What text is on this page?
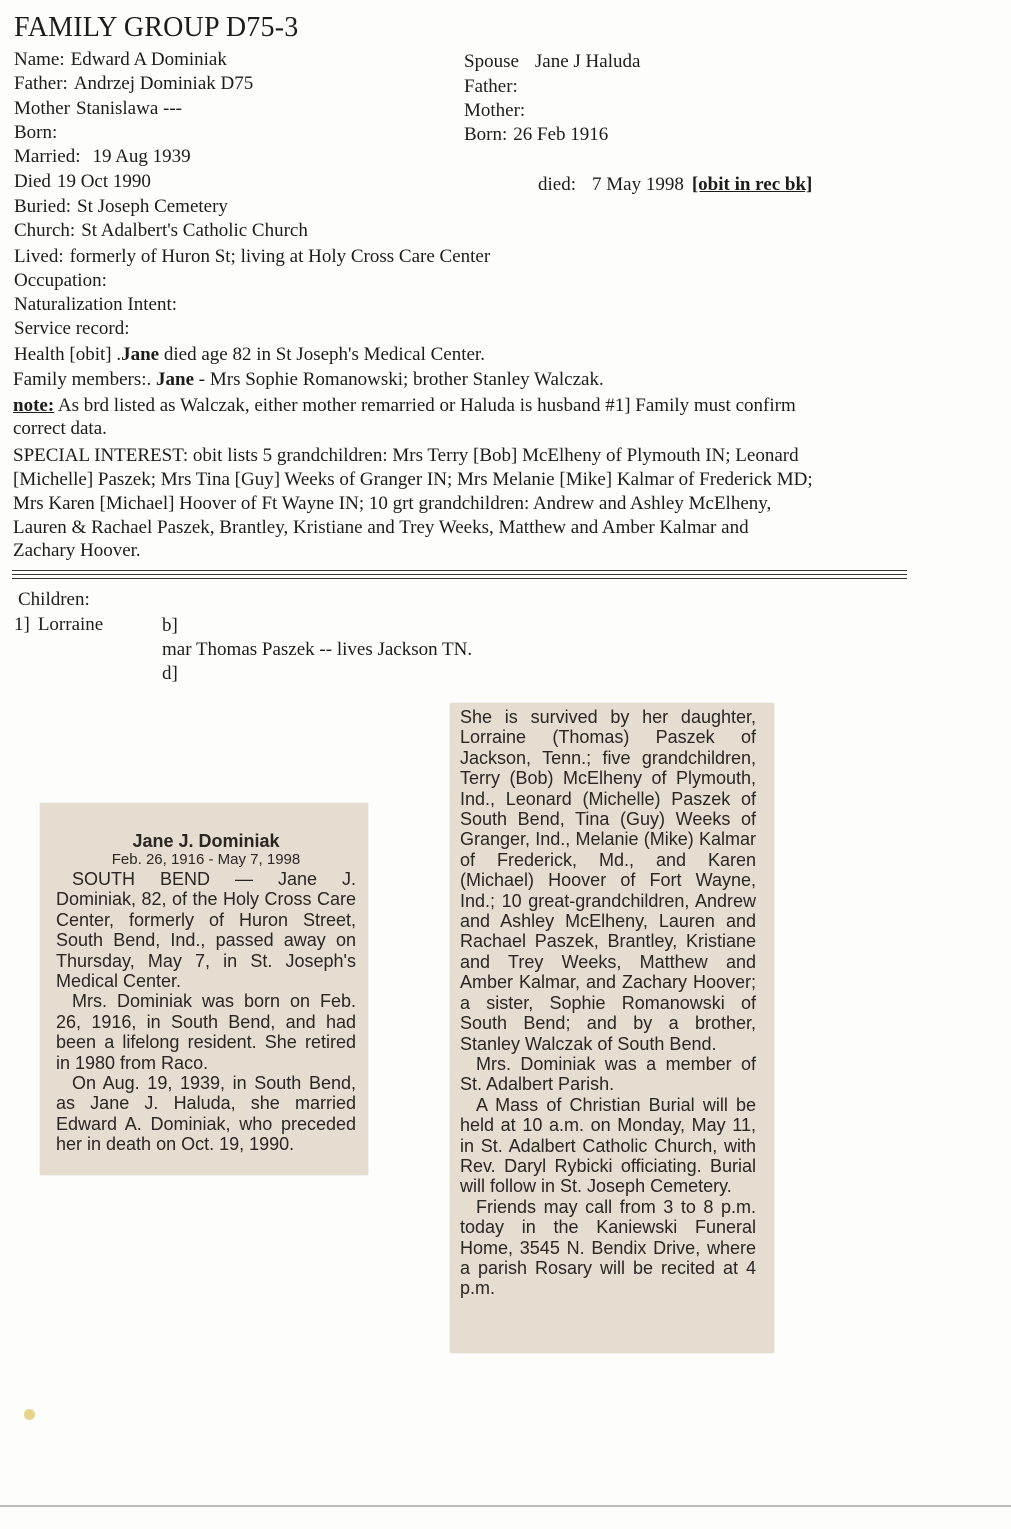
FAMILY GROUP D75-3
Name: Edward A Dominiak
Father: Andrzej Dominiak D75
Mother Stanislawa ---
Born:
Married: 19 Aug 1939
Died 19 Oct 1990
Buried: St Joseph Cemetery
Church: St Adalbert's Catholic Church
Lived: formerly of Huron St; living at Holy Cross Care Center
Occupation:
Naturalization Intent:
Service record:
Spouse Jane J Haluda
Father:
Mother:
Born: 26 Feb 1916
died: 7 May 1998 [obit in rec bk]
Health [obit] .Jane died age 82 in St Joseph's Medical Center.
Family members:. Jane - Mrs Sophie Romanowski; brother Stanley Walczak.
note: As brd listed as Walczak, either mother remarried or Haluda is husband #1] Family must confirm
correct data.
SPECIAL INTEREST: obit lists 5 grandchildren: Mrs Terry [Bob] McElheny of Plymouth IN; Leonard
[Michelle] Paszek; Mrs Tina [Guy] Weeks of Granger IN; Mrs Melanie [Mike] Kalmar of Frederick MD;
Mrs Karen [Michael] Hoover of Ft Wayne IN; 10 grt grandchildren: Andrew and Ashley McElheny,
Lauren & Rachael Paszek, Brantley, Kristiane and Trey Weeks, Matthew and Amber Kalmar and
Zachary Hoover.
Children:
1] Lorraine	b]
mar Thomas Paszek -- lives Jackson TN.
d]
Jane J. Dominiak
Feb. 26, 1916 - May 7, 1998

SOUTH BEND — Jane J. Dominiak, 82, of the Holy Cross Care Center, formerly of Huron Street, South Bend, Ind., passed away on Thursday, May 7, in St. Joseph's Medical Center.

Mrs. Dominiak was born on Feb. 26, 1916, in South Bend, and had been a lifelong resident. She retired in 1980 from Raco.

On Aug. 19, 1939, in South Bend, as Jane J. Haluda, she married Edward A. Dominiak, who preceded her in death on Oct. 19, 1990.

She is survived by her daughter, Lorraine (Thomas) Paszek of Jackson, Tenn.; five grandchildren, Terry (Bob) McElheny of Plymouth, Ind., Leonard (Michelle) Paszek of South Bend, Tina (Guy) Weeks of Granger, Ind., Melanie (Mike) Kalmar of Frederick, Md., and Karen (Michael) Hoover of Fort Wayne, Ind.; 10 great-grandchildren, Andrew and Ashley McElheny, Lauren and Rachael Paszek, Brantley, Kristiane and Trey Weeks, Matthew and Amber Kalmar, and Zachary Hoover; a sister, Sophie Romanowski of South Bend; and by a brother, Stanley Walczak of South Bend.

Mrs. Dominiak was a member of St. Adalbert Parish.

A Mass of Christian Burial will be held at 10 a.m. on Monday, May 11, in St. Adalbert Catholic Church, with Rev. Daryl Rybicki officiating. Burial will follow in St. Joseph Cemetery.

Friends may call from 3 to 8 p.m. today in the Kaniewski Funeral Home, 3545 N. Bendix Drive, where a parish Rosary will be recited at 4 p.m.
